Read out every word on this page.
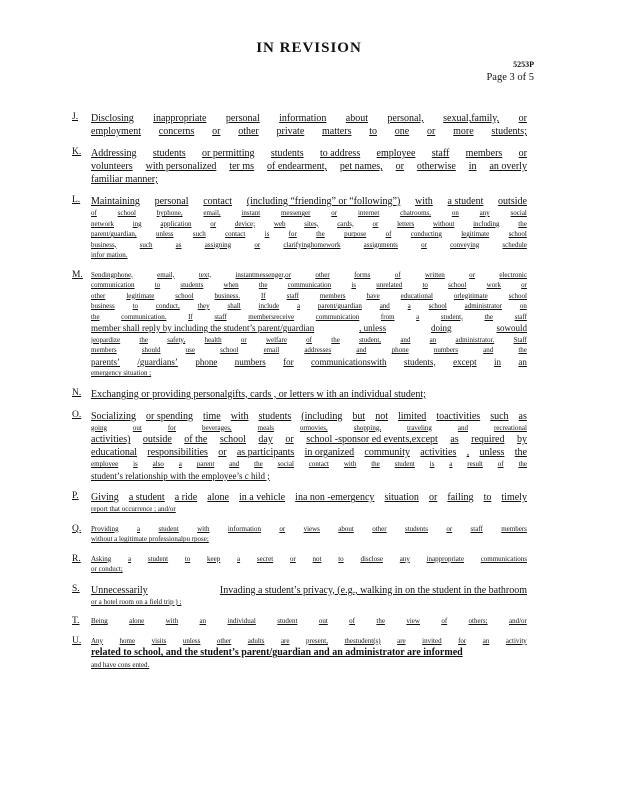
IN REVISION
5253P
Page 3 of 5
J. Disclosing inappropriate personal information about personal, sexual,family, or
employment concerns or other private matters to one or more students;
K. Addressing students or permitting students to address employee staff members or
volunteers with personalized ter ms of endearment, pet names, or otherwise in an overly
familiar manner;
L. Maintaining personal contact (including “friending” or “following”) with a student outside
of	school	byphone,	email,	instant	messenger	or	internet	chatrooms,	on	any	social
network	ing	application	or	device;	web	sites,	cards,	or	letters	without	including	the
parent/guardian,	unless	such	contact	is	for	the	purpose	of	conducting	legitimate	school
business,	such	as	assigning	or	clarifyinghomework	assignments	or	conveying	schedule
infor mation.
M. Sendingphone,	email,	text,	instantmessenger,or	other	forms	of	written	or	electronic
communication	to	students	when	the	communication	is	unrelated	to	school	work	or
other	legitimate	school	business.	If	staff	members	have	educational	orlegitimate	school
business	to	conduct,	they	shall	include	a	parent/guardian	and	a	school	administrator	on
the	communication.	If	staff	membersreceive	communication	from	a	student,	the	staff
member shall reply by including the student’s parent/guardian	, unless	doing	sowould
jeopardize	the	safety,	health	or	welfare	of	the	student,	and	an	administrator.	Staff
members	should	use	school	email	addresses	and	phone	numbers	and	the
parents’ /guardians’ phone numbers for communicationswith students, except in an
emergency situation ;
N. Exchanging or providing personalgifts, cards , or letters w ith an individual student;
O. Socializing or spending time with students (including but not limited toactivities such as
going	out	for	beverages,	meals	ormovies,	shopping,	traveling	and	recreational
activities) outside of the school day or school -sponsor ed events,except as required by
educational responsibilities or as participants in organized community activities , unless the
employee is also a parent and the social contact with the student is a result of the
student’s relationship with the employee’s c hild ;
P. Giving a student a ride alone in a vehicle ina non -emergency situation or failing to timely
report that occurrence ; and/or
Q. Providing	a	student	with	information	or	views	about	other	students	or	staff	members
without a legitimate professionalpu rpose;
R. Asking a student to keep a secret or not to disclose any inappropriate communications
or conduct;
S. Unnecessarily	Invading a student’s privacy, (e.g., walking in on the student in the bathroom
or a hotel room on a field trip ) ;
T. Being	alone	with	an	individual	student	out	of	the	view	of	others;	and/or
U. Any home visits unless other adults are present, thestudent(s) are invited for an activity
related to school, and the student’s parent/guardian and an administrator are informed
and have cons ented.
